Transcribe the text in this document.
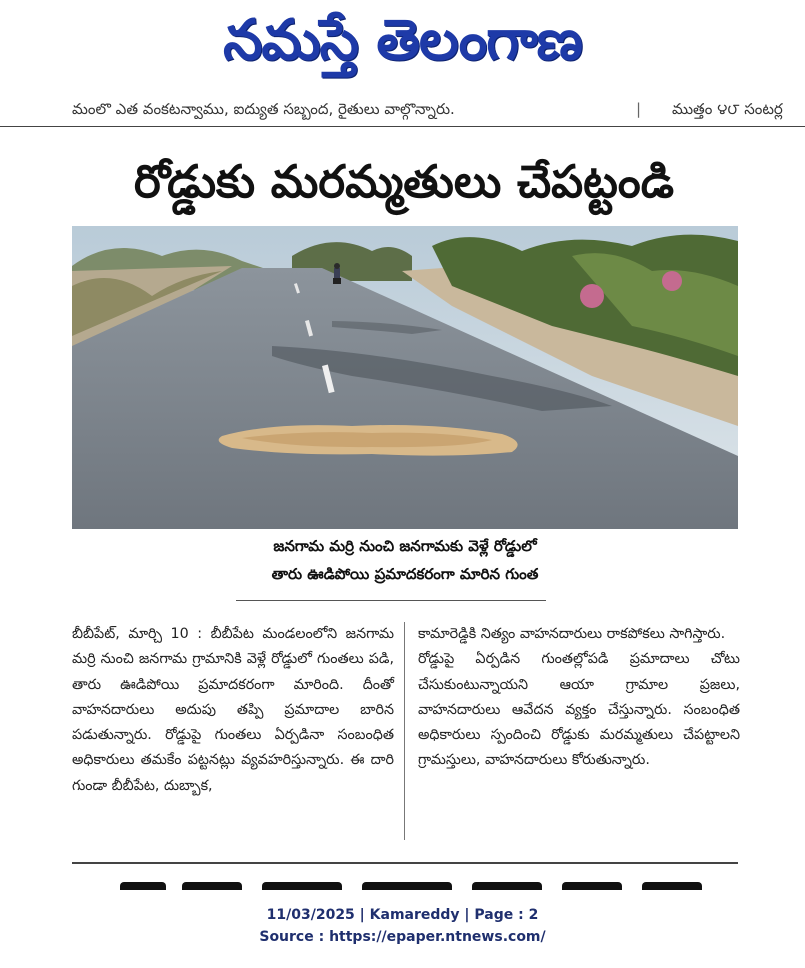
నమస్తే తెలంగాణ
మంలొ ఎత వంకటన్వాము, ఐద్యుత సబ్బంద, రైతులు వాల్గొన్నారు.	| ముత్తం ౪౮ సంటర్ల
రోడ్డుకు మరమ్మతులు చేపట్టండి
జనగామ మర్రి నుంచి జనగామకు వెళ్లే రోడ్డులో
తారు ఊడిపోయి ప్రమాదకరంగా మారిన గుంత

బీబీపేట్, మార్చి 10 : బీబీపేట మండలంలోని జనగామ మర్రి నుంచి జనగామ గ్రామానికి వెళ్లే రోడ్డులో గుంతలు పడి, తారు ఊడిపోయి ప్రమాదకరంగా మారింది. దీంతో వాహనదారులు అదుపు తప్పి ప్రమాదాల బారిన పడుతున్నారు. రోడ్డుపై గుంతలు ఏర్పడినా సంబంధిత అధికారులు తమకేం పట్టనట్లు వ్యవహరిస్తున్నారు. ఈ దారి గుండా బీబీపేట, దుబ్బాక,

కామారెడ్డికి నిత్యం వాహనదారులు రాకపోకలు సాగిస్తారు.

రోడ్డుపై ఏర్పడిన గుంతల్లోపడి ప్రమాదాలు చోటు చేసుకుంటున్నాయని ఆయా గ్రామాల ప్రజలు, వాహనదారులు ఆవేదన వ్యక్తం చేస్తున్నారు. సంబంధిత అధికారులు స్పందించి రోడ్డుకు మరమ్మతులు చేపట్టాలని గ్రామస్తులు, వాహనదారులు కోరుతున్నారు.

11/03/2025 | Kamareddy | Page : 2
Source : https://epaper.ntnews.com/
